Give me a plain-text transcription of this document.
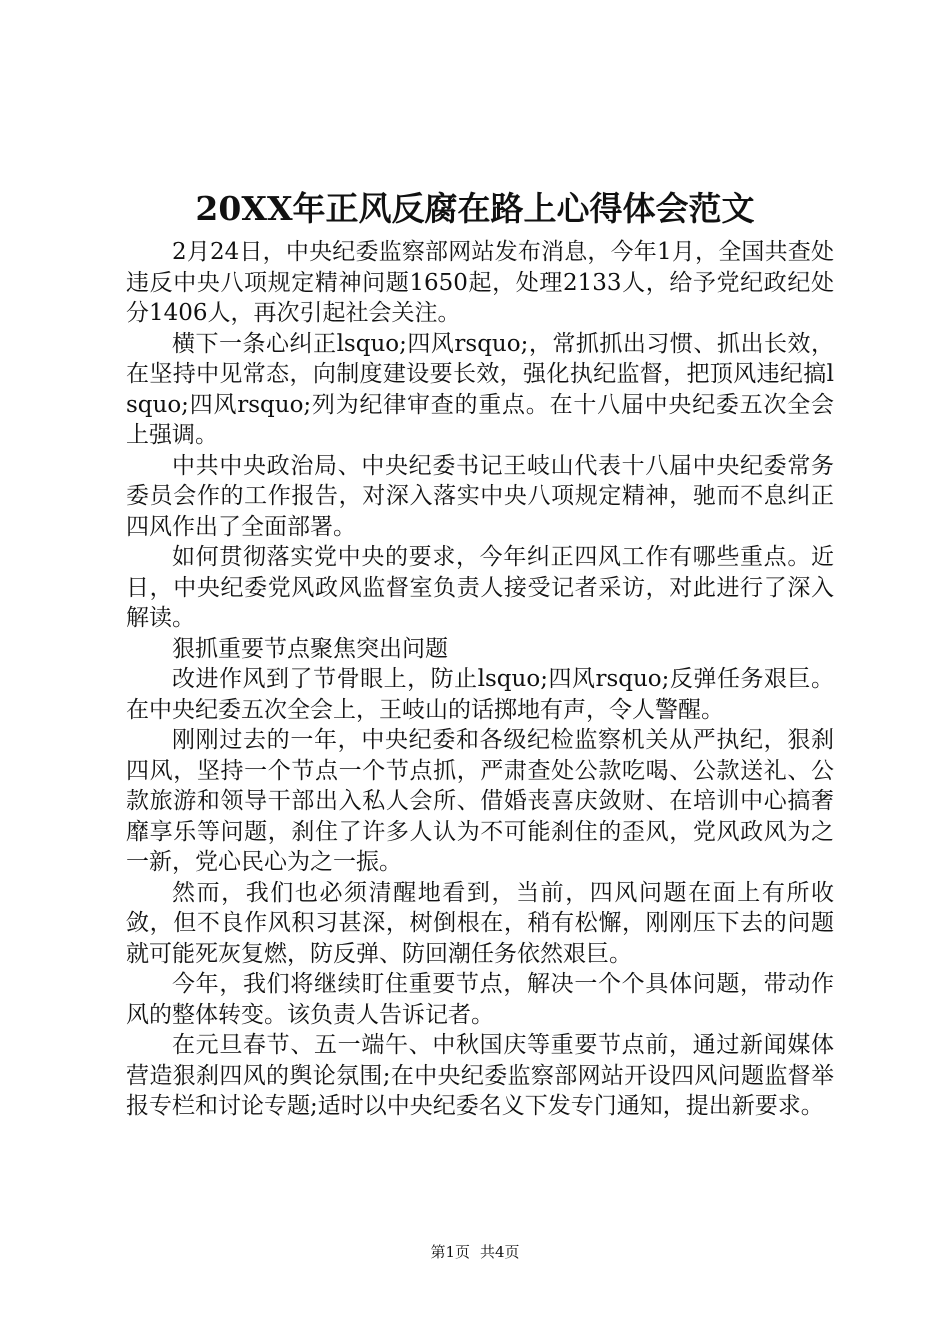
20XX年正风反腐在路上心得体会范文

2月24日，中央纪委监察部网站发布消息，今年1月，全国共查处违反中央八项规定精神问题1650起，处理2133人，给予党纪政纪处分1406人，再次引起社会关注。

横下一条心纠正lsquo;四风rsquo;，常抓抓出习惯、抓出长效，在坚持中见常态，向制度建设要长效，强化执纪监督，把顶风违纪搞lsquo;四风rsquo;列为纪律审查的重点。在十八届中央纪委五次全会上强调。

中共中央政治局、中央纪委书记王岐山代表十八届中央纪委常务委员会作的工作报告，对深入落实中央八项规定精神，驰而不息纠正四风作出了全面部署。

如何贯彻落实党中央的要求，今年纠正四风工作有哪些重点。近日，中央纪委党风政风监督室负责人接受记者采访，对此进行了深入解读。

狠抓重要节点聚焦突出问题

改进作风到了节骨眼上，防止lsquo;四风rsquo;反弹任务艰巨。在中央纪委五次全会上，王岐山的话掷地有声，令人警醒。

刚刚过去的一年，中央纪委和各级纪检监察机关从严执纪，狠刹四风，坚持一个节点一个节点抓，严肃查处公款吃喝、公款送礼、公款旅游和领导干部出入私人会所、借婚丧喜庆敛财、在培训中心搞奢靡享乐等问题，刹住了许多人认为不可能刹住的歪风，党风政风为之一新，党心民心为之一振。

然而，我们也必须清醒地看到，当前，四风问题在面上有所收敛，但不良作风积习甚深，树倒根在，稍有松懈，刚刚压下去的问题就可能死灰复燃，防反弹、防回潮任务依然艰巨。

今年，我们将继续盯住重要节点，解决一个个具体问题，带动作风的整体转变。该负责人告诉记者。

在元旦春节、五一端午、中秋国庆等重要节点前，通过新闻媒体营造狠刹四风的舆论氛围;在中央纪委监察部网站开设四风问题监督举报专栏和讨论专题;适时以中央纪委名义下发专门通知，提出新要求。

第1页 共4页
